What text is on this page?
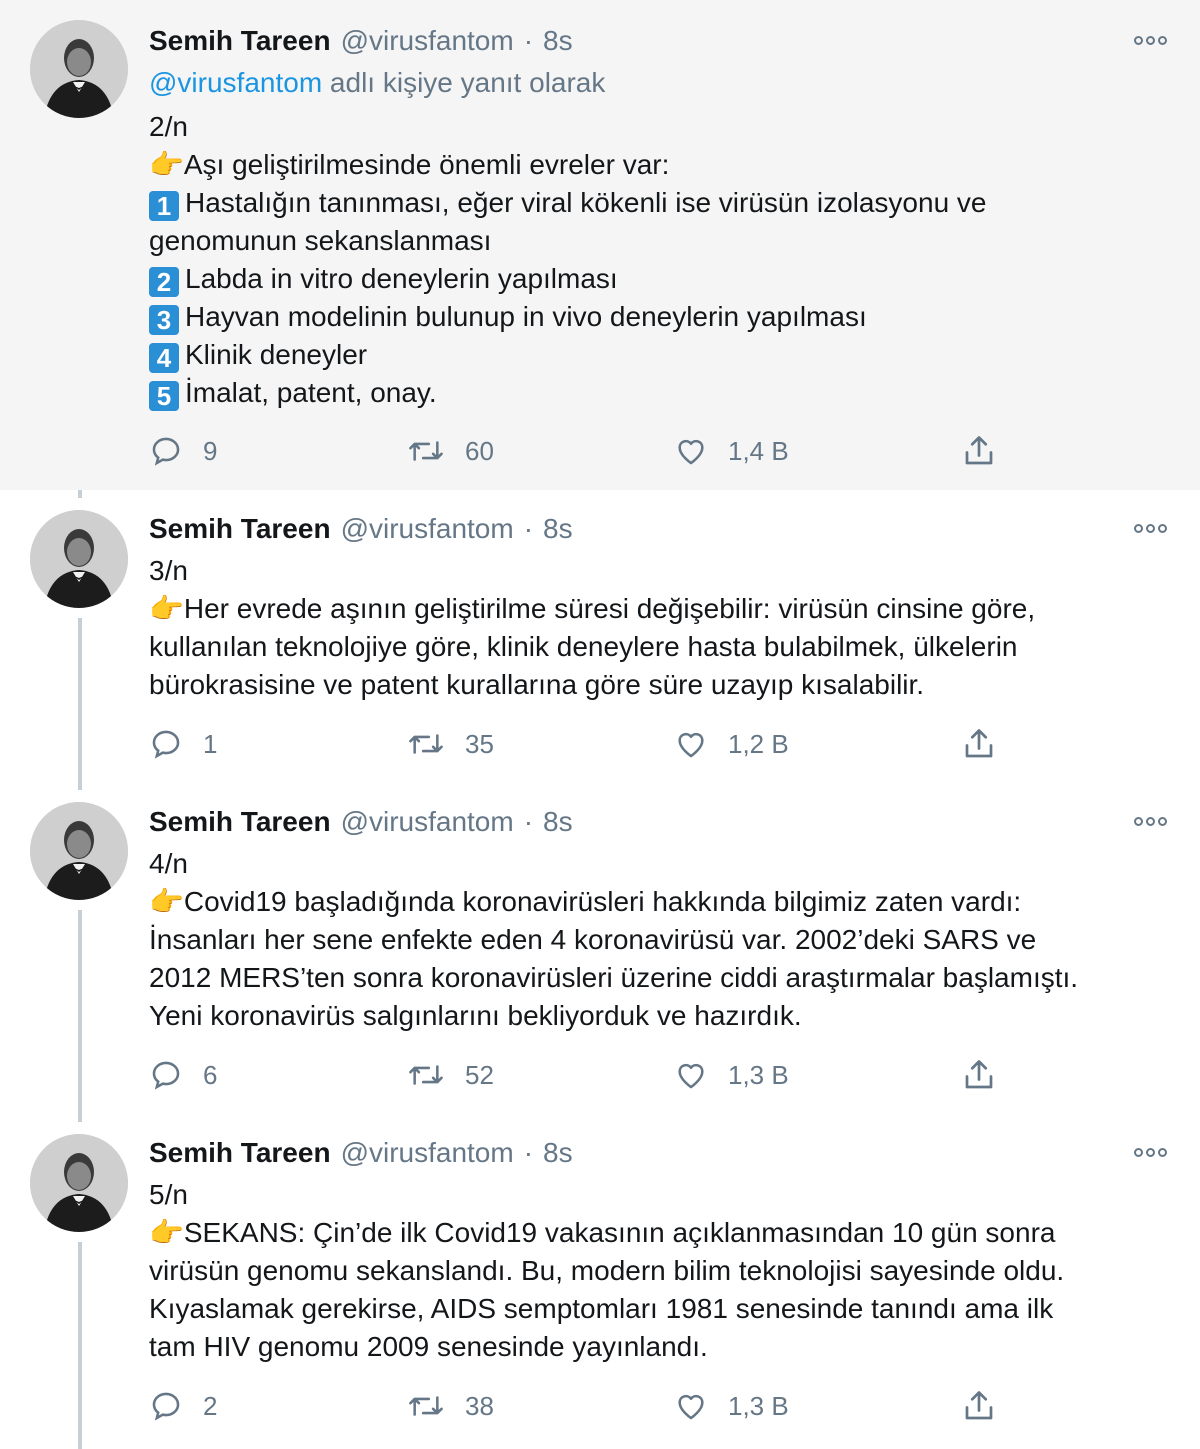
Semih Tareen @virusfantom · 8s
@virusfantom adlı kişiye yanıt olarak
2/n
👉Aşı geliştirilmesinde önemli evreler var:
1 Hastalığın tanınması, eğer viral kökenli ise virüsün izolasyonu ve
genomunun sekanslanması
2 Labda in vitro deneylerin yapılması
3 Hayvan modelinin bulunup in vivo deneylerin yapılması
4 Klinik deneyler
5 İmalat, patent, onay.
9	60	1,4 B
Semih Tareen @virusfantom · 8s
3/n
👉Her evrede aşının geliştirilme süresi değişebilir: virüsün cinsine göre,
kullanılan teknolojiye göre, klinik deneylere hasta bulabilmek, ülkelerin
bürokrasisine ve patent kurallarına göre süre uzayıp kısalabilir.
1	35	1,2 B
Semih Tareen @virusfantom · 8s
4/n
👉Covid19 başladığında koronavirüsleri hakkında bilgimiz zaten vardı:
İnsanları her sene enfekte eden 4 koronavirüsü var. 2002’deki SARS ve
2012 MERS’ten sonra koronavirüsleri üzerine ciddi araştırmalar başlamıştı.
Yeni koronavirüs salgınlarını bekliyorduk ve hazırdık.
6	52	1,3 B
Semih Tareen @virusfantom · 8s
5/n
👉SEKANS: Çin’de ilk Covid19 vakasının açıklanmasından 10 gün sonra
virüsün genomu sekanslandı. Bu, modern bilim teknolojisi sayesinde oldu.
Kıyaslamak gerekirse, AIDS semptomları 1981 senesinde tanındı ama ilk
tam HIV genomu 2009 senesinde yayınlandı.
2	38	1,3 B
